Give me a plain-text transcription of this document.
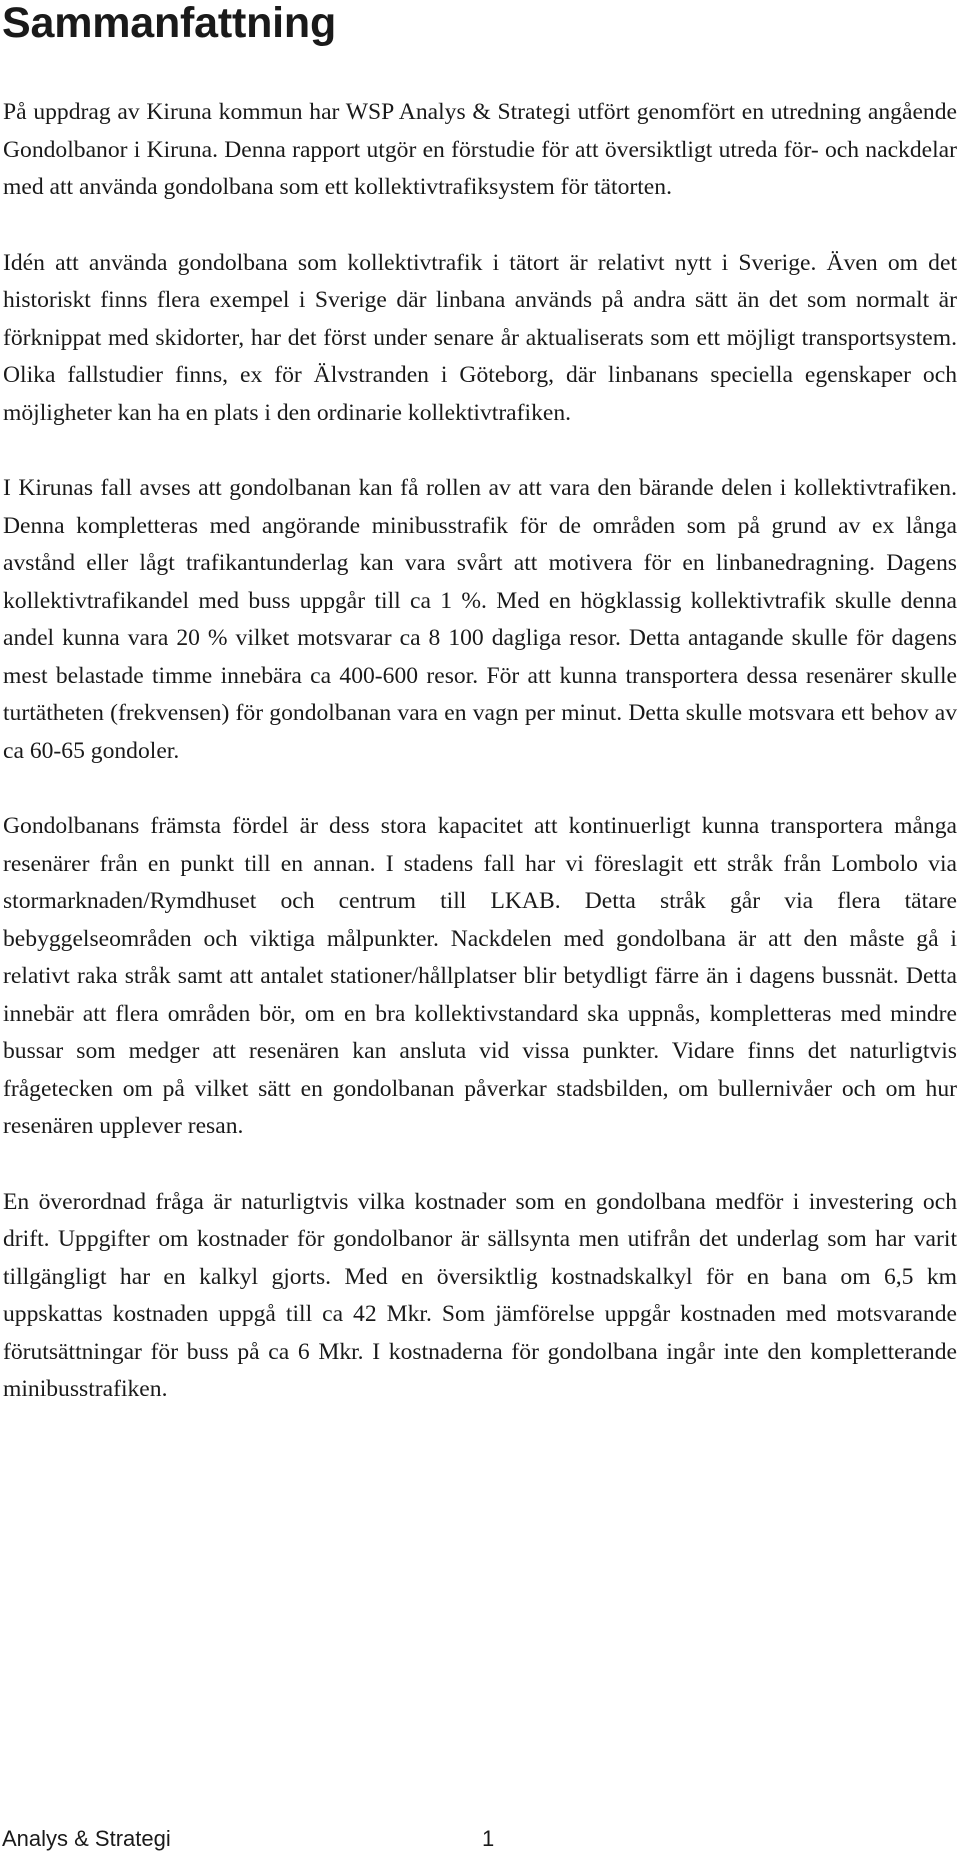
Sammanfattning

På uppdrag av Kiruna kommun har WSP Analys & Strategi utfört genomfört en utredning angående Gondolbanor i Kiruna. Denna rapport utgör en förstudie för att översiktligt utreda för- och nackdelar med att använda gondolbana som ett kollektivtrafiksystem för tätorten.

Idén att använda gondolbana som kollektivtrafik i tätort är relativt nytt i Sverige. Även om det historiskt finns flera exempel i Sverige där linbana används på andra sätt än det som normalt är förknippat med skidorter, har det först under senare år aktualiserats som ett möjligt transportsystem. Olika fallstudier finns, ex för Älvstranden i Göteborg, där linbanans speciella egenskaper och möjligheter kan ha en plats i den ordinarie kollektivtrafiken.

I Kirunas fall avses att gondolbanan kan få rollen av att vara den bärande delen i kollektivtrafiken. Denna kompletteras med angörande minibusstrafik för de områden som på grund av ex långa avstånd eller lågt trafikantunderlag kan vara svårt att motivera för en linbanedragning. Dagens kollektivtrafikandel med buss uppgår till ca 1 %. Med en högklassig kollektivtrafik skulle denna andel kunna vara 20 % vilket motsvarar ca 8 100 dagliga resor. Detta antagande skulle för dagens mest belastade timme innebära ca 400-600 resor. För att kunna transportera dessa resenärer skulle turtätheten (frekvensen) för gondolbanan vara en vagn per minut. Detta skulle motsvara ett behov av ca 60-65 gondoler.

Gondolbanans främsta fördel är dess stora kapacitet att kontinuerligt kunna transportera många resenärer från en punkt till en annan. I stadens fall har vi föreslagit ett stråk från Lombolo via stormarknaden/Rymdhuset och centrum till LKAB. Detta stråk går via flera tätare bebyggelseområden och viktiga målpunkter. Nackdelen med gondolbana är att den måste gå i relativt raka stråk samt att antalet stationer/hållplatser blir betydligt färre än i dagens bussnät. Detta innebär att flera områden bör, om en bra kollektivstandard ska uppnås, kompletteras med mindre bussar som medger att resenären kan ansluta vid vissa punkter. Vidare finns det naturligtvis frågetecken om på vilket sätt en gondolbanan påverkar stadsbilden, om bullernivåer och om hur resenären upplever resan.

En överordnad fråga är naturligtvis vilka kostnader som en gondolbana medför i investering och drift. Uppgifter om kostnader för gondolbanor är sällsynta men utifrån det underlag som har varit tillgängligt har en kalkyl gjorts. Med en översiktlig kostnadskalkyl för en bana om 6,5 km uppskattas kostnaden uppgå till ca 42 Mkr. Som jämförelse uppgår kostnaden med motsvarande förutsättningar för buss på ca 6 Mkr. I kostnaderna för gondolbana ingår inte den kompletterande minibusstrafiken.

Analys & Strategi	1
